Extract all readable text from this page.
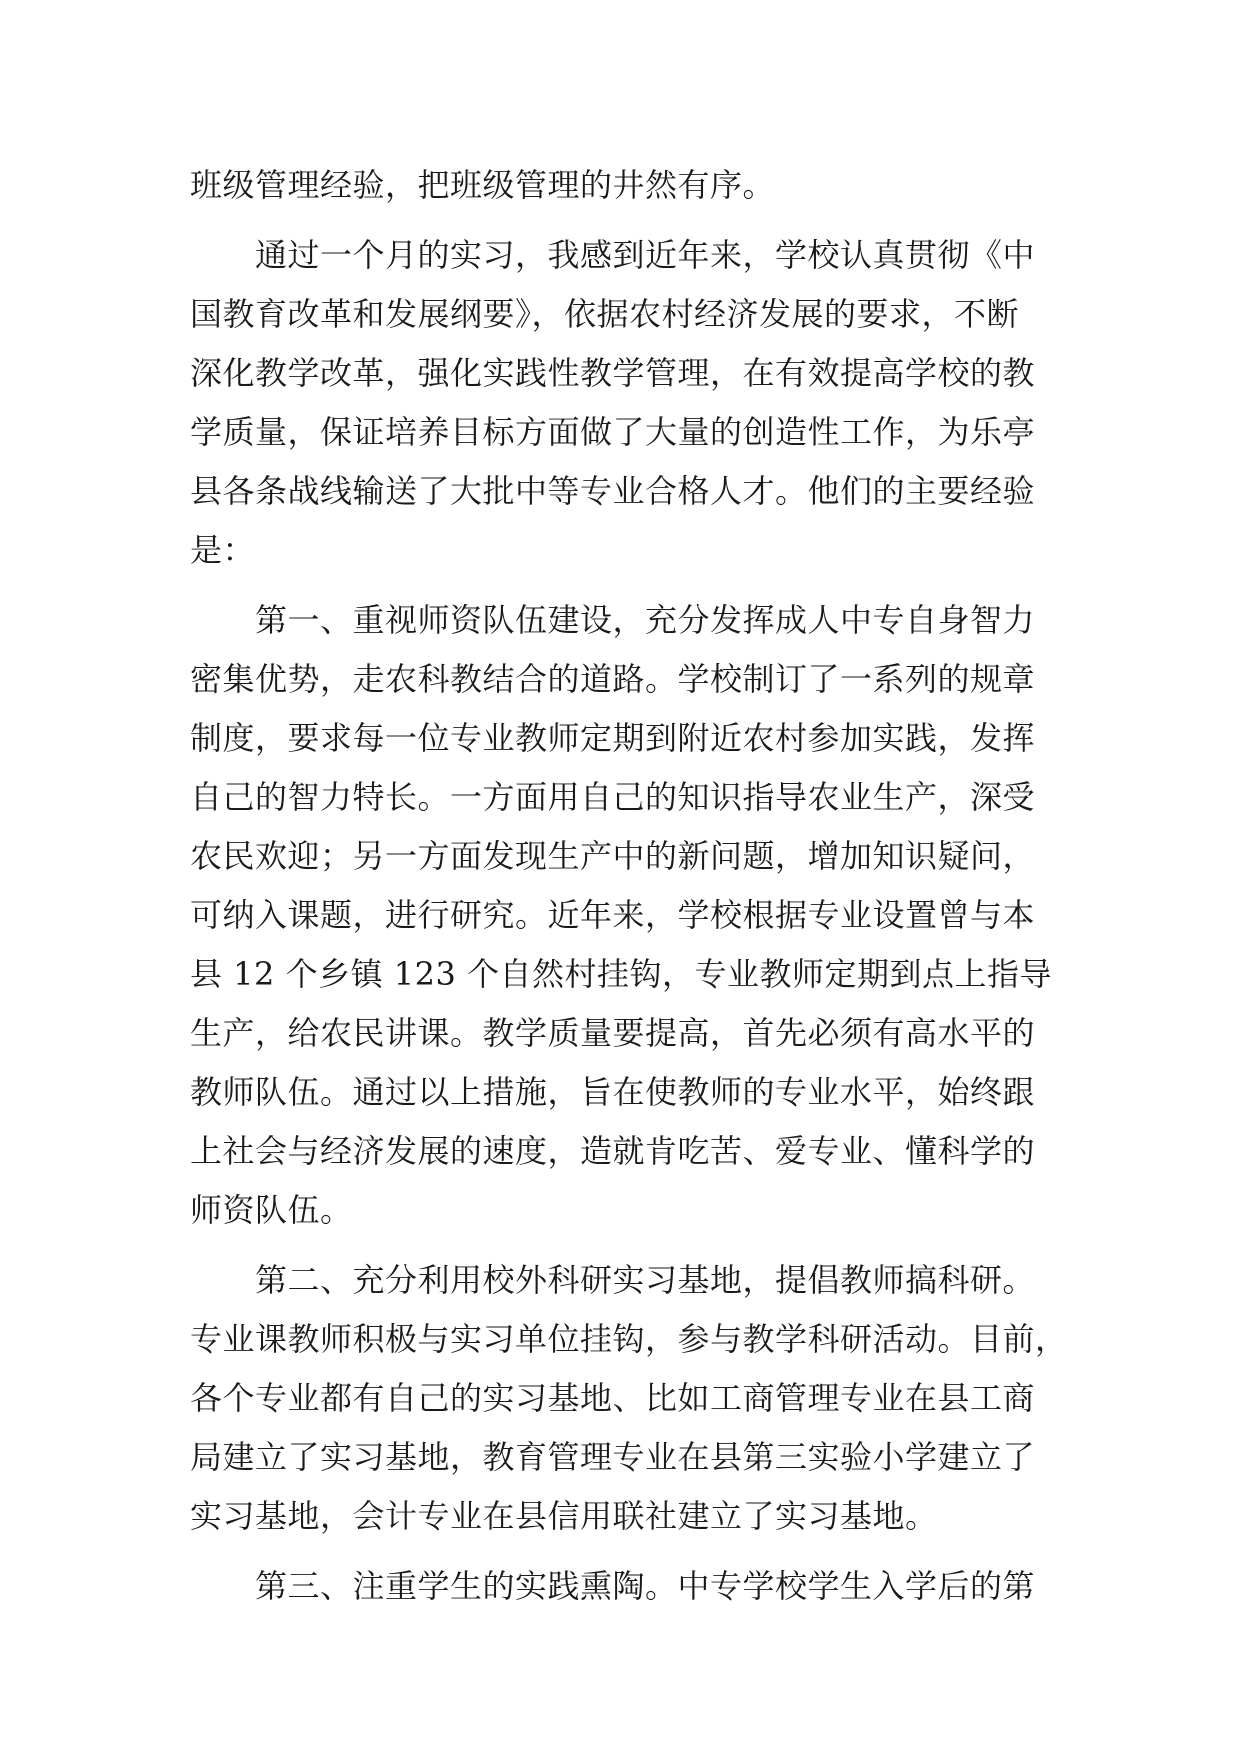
班级管理经验，把班级管理的井然有序。
　　通过一个月的实习，我感到近年来，学校认真贯彻《中
国教育改革和发展纲要》，依据农村经济发展的要求，不断
深化教学改革，强化实践性教学管理，在有效提高学校的教
学质量，保证培养目标方面做了大量的创造性工作，为乐亭
县各条战线输送了大批中等专业合格人才。他们的主要经验
是：
　　第一、重视师资队伍建设，充分发挥成人中专自身智力
密集优势，走农科教结合的道路。学校制订了一系列的规章
制度，要求每一位专业教师定期到附近农村参加实践，发挥
自己的智力特长。一方面用自己的知识指导农业生产，深受
农民欢迎；另一方面发现生产中的新问题，增加知识疑问，
可纳入课题，进行研究。近年来，学校根据专业设置曾与本
县 12 个乡镇 123 个自然村挂钩，专业教师定期到点上指导
生产，给农民讲课。教学质量要提高，首先必须有高水平的
教师队伍。通过以上措施，旨在使教师的专业水平，始终跟
上社会与经济发展的速度，造就肯吃苦、爱专业、懂科学的
师资队伍。
　　第二、充分利用校外科研实习基地，提倡教师搞科研。
专业课教师积极与实习单位挂钩，参与教学科研活动。目前，
各个专业都有自己的实习基地、比如工商管理专业在县工商
局建立了实习基地，教育管理专业在县第三实验小学建立了
实习基地，会计专业在县信用联社建立了实习基地。
　　第三、注重学生的实践熏陶。中专学校学生入学后的第
